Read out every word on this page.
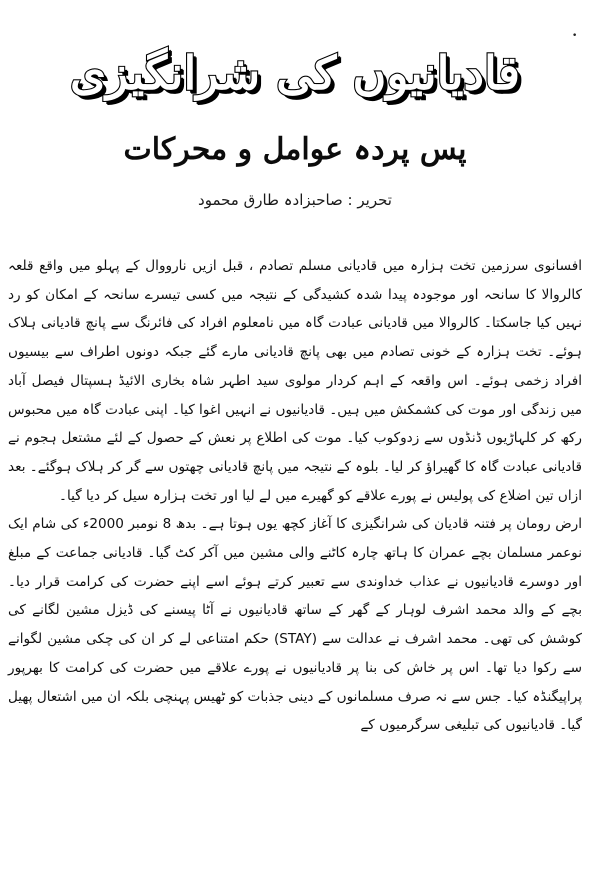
•
قادیانیوں کی شرانگیزی
پس پردہ عوامل و محرکات
تحریر : صاحبزادہ طارق محمود

افسانوی سرزمین تخت ہزارہ میں قادیانی مسلم تصادم ، قبل ازیں نارووال کے پہلو میں واقع قلعہ کالروالا کا سانحہ اور موجودہ پیدا شدہ کشیدگی کے نتیجہ میں کسی تیسرے سانحہ کے امکان کو رد نہیں کیا جاسکتا۔ کالروالا میں قادیانی عبادت گاہ میں نامعلوم افراد کی فائرنگ سے پانچ قادیانی ہلاک ہوئے۔ تخت ہزارہ کے خونی تصادم میں بھی پانچ قادیانی مارے گئے جبکہ دونوں اطراف سے بیسیوں افراد زخمی ہوئے۔ اس واقعہ کے اہم کردار مولوی سید اطہر شاہ بخاری الائیڈ ہسپتال فیصل آباد میں زندگی اور موت کی کشمکش میں ہیں۔ قادیانیوں نے انہیں اغوا کیا۔ اپنی عبادت گاہ میں محبوس رکھ کر کلہاڑیوں ڈنڈوں سے زدوکوب کیا۔ موت کی اطلاع پر نعش کے حصول کے لئے مشتعل ہجوم نے قادیانی عبادت گاہ کا گھیراؤ کر لیا۔ بلوہ کے نتیجہ میں پانچ قادیانی چھتوں سے گر کر ہلاک ہوگئے۔ بعد ازاں تین اضلاع کی پولیس نے پورے علاقے کو گھیرے میں لے لیا اور تخت ہزارہ سیل کر دیا گیا۔

ارض رومان پر فتنہ قادیان کی شرانگیزی کا آغاز کچھ یوں ہوتا ہے۔ بدھ 8 نومبر 2000ء کی شام ایک نوعمر مسلمان بچے عمران کا ہاتھ چارہ کاٹنے والی مشین میں آکر کٹ گیا۔ قادیانی جماعت کے مبلغ اور دوسرے قادیانیوں نے عذاب خداوندی سے تعبیر کرتے ہوئے اسے اپنے حضرت کی کرامت قرار دیا۔ بچے کے والد محمد اشرف لوہار کے گھر کے ساتھ قادیانیوں نے آٹا پیسنے کی ڈیزل مشین لگانے کی کوشش کی تھی۔ محمد اشرف نے عدالت سے (STAY) حکم امتناعی لے کر ان کی چکی مشین لگوانے سے رکوا دیا تھا۔ اس پر خاش کی بنا پر قادیانیوں نے پورے علاقے میں حضرت کی کرامت کا بھرپور پراپیگنڈہ کیا۔ جس سے نہ صرف مسلمانوں کے دینی جذبات کو ٹھیس پہنچی بلکہ ان میں اشتعال پھیل گیا۔ قادیانیوں کی تبلیغی سرگرمیوں کے
